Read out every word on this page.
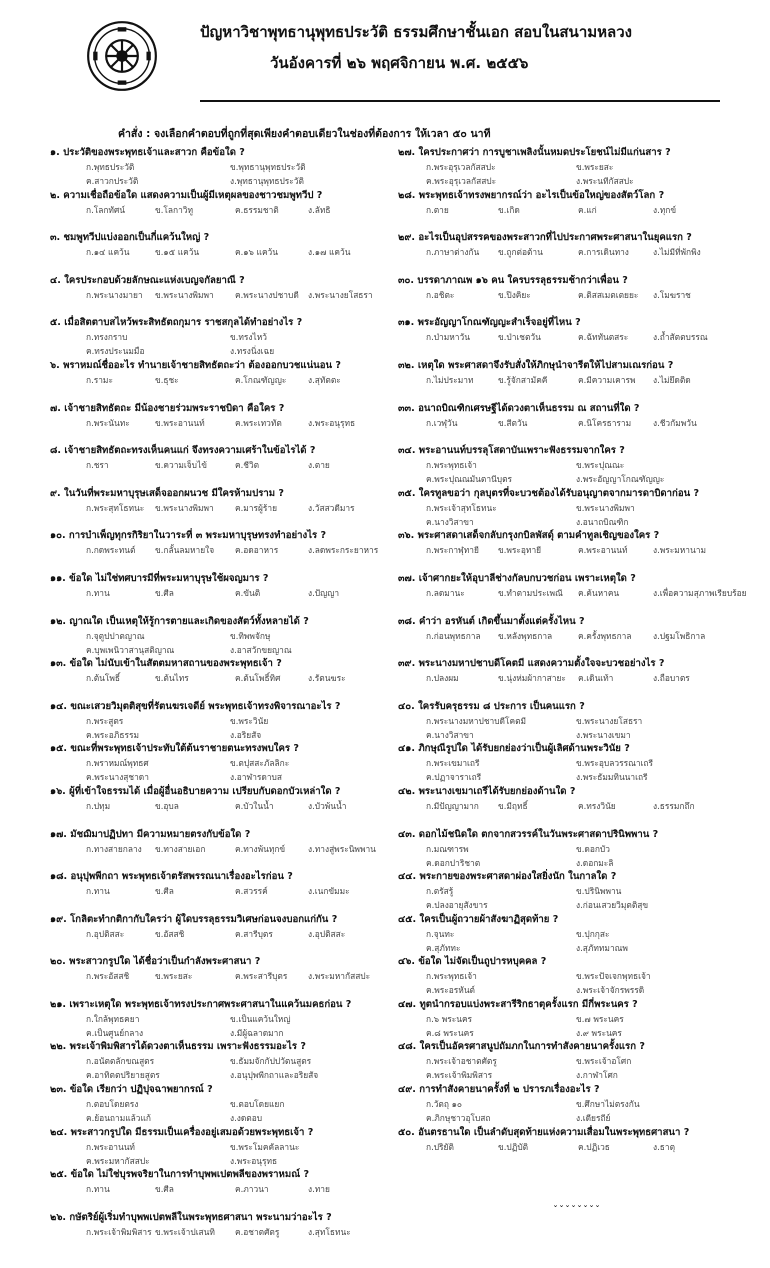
ปัญหาวิชาพุทธานุพุทธประวัติ ธรรมศึกษาชั้นเอก สอบในสนามหลวง
วันอังคารที่ ๒๖ พฤศจิกายน พ.ศ. ๒๕๕๖
คำสั่ง : จงเลือกคำตอบที่ถูกที่สุดเพียงคำตอบเดียวในช่องที่ต้องการ ให้เวลา ๕๐ นาที
๑. ประวัติของพระพุทธเจ้าและสาวก คือข้อใด ?
ก.พุทธประวัติ	ข.พุทธานุพุทธประวัติ
ค.สาวกประวัติ	ง.พุทธานุพุทธประวัติ
๒. ความเชื่อถือข้อใด แสดงความเป็นผู้มีเหตุผลของชาวชมพูทวีป ?
ก.โลกทัศน์	ข.โลกาวิทู	ค.ธรรมชาติ	ง.ลัทธิ
๓. ชมพูทวีปแบ่งออกเป็นกี่แคว้นใหญ่ ?
ก.๑๔ แคว้น	ข.๑๕ แคว้น	ค.๑๖ แคว้น	ง.๑๗ แคว้น
๔. ใครประกอบด้วยลักษณะแห่งเบญจกัลยาณี ?
ก.พระนางมายา ข.พระนางพิมพา	ค.พระนางปชาบดี ง.พระนางยโสธรา
๕. เมื่อสิตตาบสไหว้พระสิทธัตถกุมาร ราชสกุลได้ทำอย่างไร ?
ก.ทรงกราบ	ข.ทรงไหว้
ค.ทรงประนมมือ	ง.ทรงนิ่งเฉย
๖. พราหมณ์ชื่ออะไร ทำนายเจ้าชายสิทธัตถะว่า ต้องออกบวชแน่นอน ?
ก.รามะ	ข.ธุชะ	ค.โกณฑัญญะ	ง.สุทัตตะ
๗. เจ้าชายสิทธัตถะ มีน้องชายร่วมพระราชบิดา คือใคร ?
ก.พระนันทะ	ข.พระอานนท์	ค.พระเทวทัต	ง.พระอนุรุทธ
๘. เจ้าชายสิทธัตถะทรงเห็นคนแก่ จึงทรงความเศร้าในข้อไรได้ ?
ก.ชรา	ข.ความเจ็บไข้	ค.ชีวิต	ง.ตาย
๙. ในวันที่พระมหาบุรุษเสด็จออกผนวช มีใครห้ามปราม ?
ก.พระสุทโธทนะ ข.พระนางพิมพา	ค.มารผู้ร้าย	ง.วัสสวดีมาร
๑๐. การบำเพ็ญทุกรกิริยาในวาระที่ ๓ พระมหาบุรุษทรงทำอย่างไร ?
ก.กดพระทนต์ ข.กลั้นลมหายใจ ค.อดอาหาร	ง.ลดพระกระยาหาร
๑๑. ข้อใด ไม่ใช่ทศบารมีที่พระมหาบุรุษใช้ผจญมาร ?
ก.ทาน	ข.ศีล	ค.ขันติ	ง.ปัญญา
๑๒. ญาณใด เป็นเหตุให้รู้การตายและเกิดของสัตว์ทั้งหลายได้ ?
ก.จุตูปปาตญาณ	ข.ทิพพจักษุ
ค.บุพเพนิวาสานุสติญาณ	ง.อาสวักขยญาณ
๑๓. ข้อใด ไม่นับเข้าในสัตตมหาสถานของพระพุทธเจ้า ?
ก.ต้นโพธิ์	ข.ต้นไทร	ค.ต้นโพธิ์ทิศ	ง.รัตนฆระ
๑๔. ขณะเสวยวิมุตติสุขที่รัตนฆรเจดีย์ พระพุทธเจ้าทรงพิจารณาอะไร ?
ก.พระสูตร	ข.พระวินัย
ค.พระอภิธรรม	ง.อริยสัจ
๑๕. ขณะที่พระพุทธเจ้าประทับใต้ต้นราชายตนะทรงพบใคร ?
ก.พราหมณ์พุทธศ	ข.ตปุสสะภัลลิกะ
ค.พระนางสุชาดา	ง.อาฬารดาบส
๑๖. ผู้ที่เข้าใจธรรมได้ เมื่อผู้อื่นอธิบายความ เปรียบกับดอกบัวเหล่าใด ?
ก.ปทุม	ข.อุบล	ค.บัวในน้ำ	ง.บัวพ้นน้ำ
๑๗. มัชฌิมาปฏิปทา มีความหมายตรงกับข้อใด ?
ก.ทางสายกลาง ข.ทางสายเอก	ค.ทางพ้นทุกข์	ง.ทางสู่พระนิพพาน
๑๘. อนุปุพพีกถา พระพุทธเจ้าตรัสพรรณนาเรื่องอะไรก่อน ?
ก.ทาน	ข.ศีล	ค.สวรรค์	ง.เนกขัมมะ
๑๙. โกลิตะทำกติกากับใครว่า ผู้ใดบรรลุธรรมวิเศษก่อนจงบอกแก่กัน ?
ก.อุปติสสะ	ข.อัสสชิ	ค.สารีบุตร	ง.อุปติสสะ
๒๐. พระสาวกรูปใด ได้ชื่อว่าเป็นกำลังพระศาสนา ?
ก.พระอัสสชิ	ข.พระยสะ	ค.พระสารีบุตร ง.พระมหากัสสปะ
๒๑. เพราะเหตุใด พระพุทธเจ้าทรงประกาศพระศาสนาในแคว้นมคธก่อน ?
ก.ใกล้พุทธคยา	ข.เป็นแคว้นใหญ่
ค.เป็นศูนย์กลาง	ง.มีผู้ฉลาดมาก
๒๒. พระเจ้าพิมพิสารได้ดวงตาเห็นธรรม เพราะฟังธรรมอะไร ?
ก.อนัตตลักขณสูตร	ข.ธัมมจักกัปปวัตนสูตร
ค.อาทิตตปริยายสูตร	ง.อนุปุพพีกถาและอริยสัจ
๒๓. ข้อใด เรียกว่า ปฏิปุจฉาพยากรณ์ ?
ก.ตอบโดยตรง	ข.ตอบโดยแยก
ค.ย้อนถามแล้วแก้	ง.งดตอบ
๒๔. พระสาวกรูปใด มีธรรมเป็นเครื่องอยู่เสมอด้วยพระพุทธเจ้า ?
ก.พระอานนท์	ข.พระโมคคัลลานะ
ค.พระมหากัสสปะ	ง.พระอนุรุทธ
๒๕. ข้อใด ไม่ใช่บุรพจริยาในการทำบุพพเปตพลีของพราหมณ์ ?
ก.ทาน	ข.ศีล	ค.ภาวนา	ง.ทาย
๒๖. กษัตริย์ผู้เริ่มทำบุพพเปตพลีในพระพุทธศาสนา พระนามว่าอะไร ?
ก.พระเจ้าพิมพิสาร ข.พระเจ้าปเสนทิ ค.อชาตศัตรู	ง.สุทโธทนะ
๒๗. ใครประกาศว่า การบูชาเพลิงนั้นหมดประโยชน์ไม่มีแก่นสาร ?
ก.พระอุรุเวลกัสสปะ	ข.พระยสะ
ค.พระอุรุเวลกัสสปะ	ง.พระนทีกัสสปะ
๒๘. พระพุทธเจ้าทรงพยากรณ์ว่า อะไรเป็นข้อใหญ่ของสัตว์โลก ?
ก.ตาย	ข.เกิด	ค.แก่	ง.ทุกข์
๒๙. อะไรเป็นอุปสรรคของพระสาวกที่ไปประกาศพระศาสนาในยุคแรก ?
ก.ภาษาต่างกัน ข.ถูกต่อต้าน	ค.การเดินทาง	ง.ไม่มีที่พักพิง
๓๐. บรรดาภาณพ ๑๖ คน ใครบรรลุธรรมช้ากว่าเพื่อน ?
ก.อชิตะ	ข.ปิงคิยะ	ค.ติสสเมตเตยยะ ง.โมฆราช
๓๑. พระอัญญาโกณฑัญญะสำเร็จอยู่ที่ไหน ?
ก.ป่ามหาวัน	ข.ป่าเชตวัน	ค.ฉัททันตสระ	ง.ถ้ำสัตตบรรณ
๓๒. เหตุใด พระศาสดาจึงรับสั่งให้ภิกษุนำจารีตให้ไปสามเณรก่อน ?
ก.ไม่ประมาท	ข.รู้จักสามัคคี	ค.มีความเคารพ ง.ไม่ยึดติด
๓๓. อนาถบิณฑิกเศรษฐีได้ดวงตาเห็นธรรม ณ สถานที่ใด ?
ก.เวฬุวัน	ข.สีตวัน	ค.นิโครธาราม	ง.ชีวกัมพวัน
๓๔. พระอานนท์บรรลุโสดาบันเพราะฟังธรรมจากใคร ?
ก.พระพุทธเจ้า	ข.พระปุณณะ
ค.พระปุณณมันตานีบุตร	ง.พระอัญญาโกณฑัญญะ
๓๕. ใครทูลขอว่า กุลบุตรที่จะบวชต้องได้รับอนุญาตจากมารดาบิดาก่อน ?
ก.พระเจ้าสุทโธทนะ	ข.พระนางพิมพา
ค.นางวิสาขา	ง.อนาถบิณฑิก
๓๖. พระศาสดาเสด็จกลับกรุงกบิลพัสดุ์ ตามคำทูลเชิญของใคร ?
ก.พระกาฬุทายี ข.พระอุทายี	ค.พระอานนท์	ง.พระมหานาม
๓๗. เจ้าศากยะให้อุบาลีช่างกัลบกบวชก่อน เพราะเหตุใด ?
ก.ลดมานะ	ข.ทำตามประเพณี ค.ค้นหาคน	ง.เพื่อความสุภาพเรียบร้อย
๓๘. คำว่า อรหันต์ เกิดขึ้นมาตั้งแต่ครั้งไหน ?
ก.ก่อนพุทธกาล ข.หลังพุทธกาล	ค.ครั้งพุทธกาล	ง.ปฐมโพธิกาล
๓๙. พระนางมหาปชาบดีโคตมี แสดงความตั้งใจจะบวชอย่างไร ?
ก.ปลงผม	ข.นุ่งห่มผ้ากาสายะ ค.เดินเท้า	ง.ถือบาตร
๔๐. ใครรับครุธรรม ๘ ประการ เป็นคนแรก ?
ก.พระนางมหาปชาบดีโคตมี	ข.พระนางยโสธรา
ค.นางวิสาขา	ง.พระนางเขมา
๔๑. ภิกษุณีรูปใด ได้รับยกย่องว่าเป็นผู้เลิศด้านพระวินัย ?
ก.พระเขมาเถรี	ข.พระอุบลวรรณาเถรี
ค.ปฏาจาราเถรี	ง.พระธัมมทินนาเถรี
๔๒. พระนางเขมาเถรีได้รับยกย่องด้านใด ?
ก.มีปัญญามาก ข.มีฤทธิ์	ค.ทรงวินัย	ง.ธรรมกถึก
๔๓. ดอกไม้ชนิดใด ตกจากสวรรค์ในวันพระศาสดาปรินิพพาน ?
ก.มณฑารพ	ข.ดอกบัว
ค.ดอกปาริชาต	ง.ดอกมะลิ
๔๔. พระกายของพระศาสดาผ่องใสยิ่งนัก ในกาลใด ?
ก.ตรัสรู้	ข.ปรินิพพาน
ค.ปลงอายุสังขาร	ง.ก่อนเสวยวิมุตติสุข
๔๕. ใครเป็นผู้ถวายผ้าสังฆาฏิสุดท้าย ?
ก.จุนทะ	ข.ปุกกุสะ
ค.สุภัททะ	ง.สุภัททมาณพ
๔๖. ข้อใด ไม่จัดเป็นถูปารหบุคคล ?
ก.พระพุทธเจ้า	ข.พระปัจเจกพุทธเจ้า
ค.พระอรหันต์	ง.พระเจ้าจักรพรรดิ
๔๗. ทูตนำกรอบแบ่งพระสารีริกธาตุครั้งแรก มีกี่พระนคร ?
ก.๖ พระนคร	ข.๗ พระนคร
ค.๘ พระนคร	ง.๙ พระนคร
๔๘. ใครเป็นอัครศาสนูปถัมภกในการทำสังคายนาครั้งแรก ?
ก.พระเจ้าอชาตศัตรู	ข.พระเจ้าอโศก
ค.พระเจ้าพิมพิสาร	ง.กาฬาโศก
๔๙. การทำสังคายนาครั้งที่ ๒ ปรารภเรื่องอะไร ?
ก.วัตถุ ๑๐	ข.ศึกษาไม่ตรงกัน
ค.ภิกษุชาวอุโบสถ	ง.เดียรถีย์
๕๐. อันตรธานใด เป็นลำดับสุดท้ายแห่งความเสื่อมในพระพุทธศาสนา ?
ก.ปริยัติ	ข.ปฏิบัติ	ค.ปฏิเวธ	ง.ธาตุ
ˇˇˇˇˇˇˇˇ
